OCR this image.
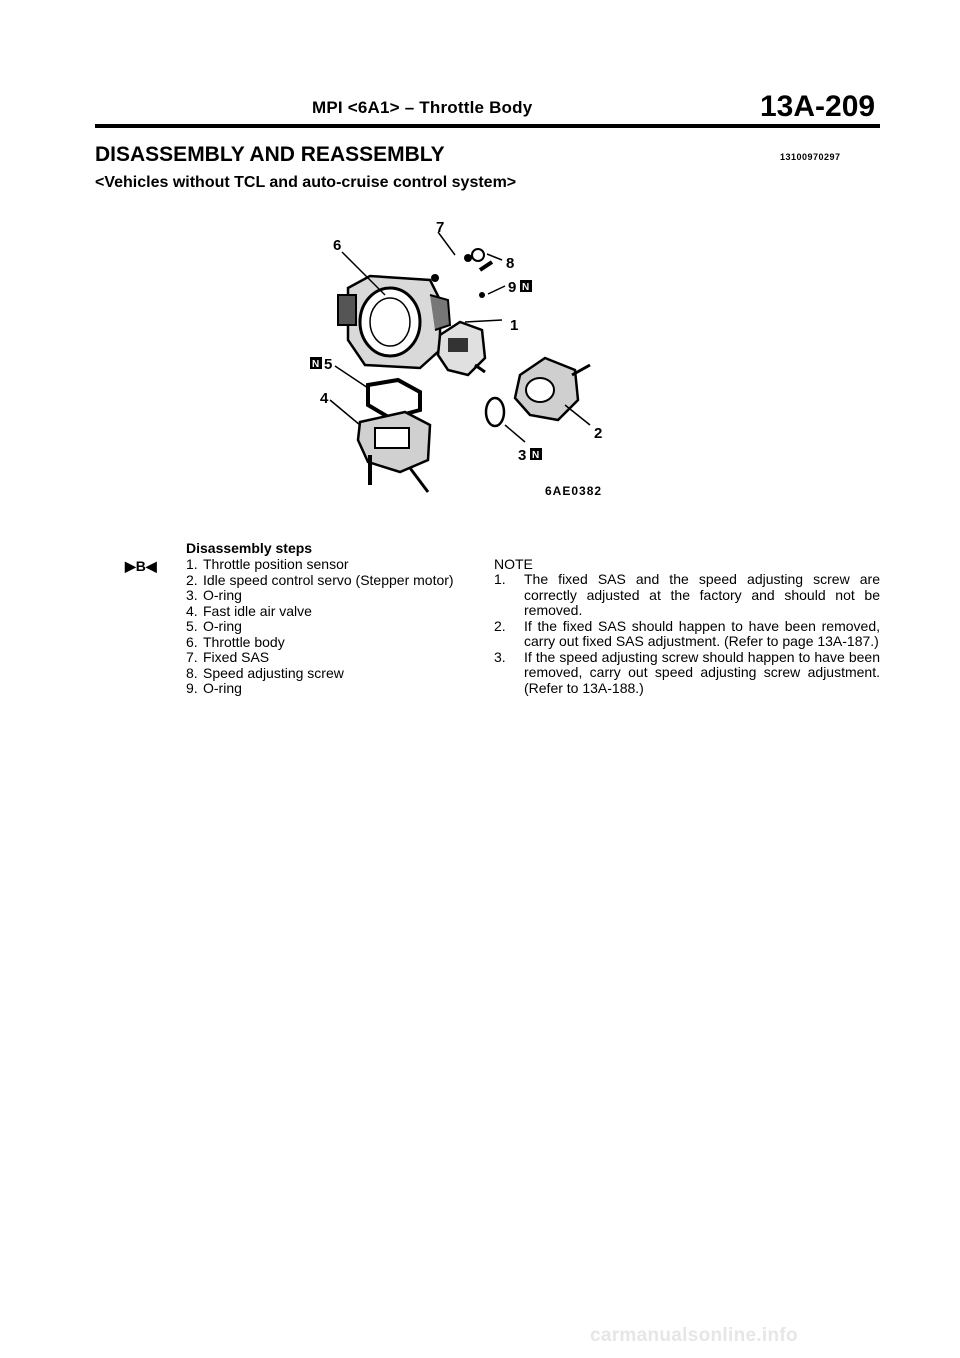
MPI <6A1> – Throttle Body	13A-209
DISASSEMBLY AND REASSEMBLY	13100970297
<Vehicles without TCL and auto-cruise control system>
7
6
8
9 N
1
N 5
4
2
3 N
6AE0382
Disassembly steps
▶B◀ 1. Throttle position sensor
2. Idle speed control servo (Stepper motor)
3. O-ring
4. Fast idle air valve
5. O-ring
6. Throttle body
7. Fixed SAS
8. Speed adjusting screw
9. O-ring
NOTE
1.	The fixed SAS and the speed adjusting screw are correctly adjusted at the factory and should not be removed.
2.	If the fixed SAS should happen to have been removed, carry out fixed SAS adjustment. (Refer to page 13A-187.)
3.	If the speed adjusting screw should happen to have been removed, carry out speed adjusting screw adjustment. (Refer to 13A-188.)
carmanualsonline.info
